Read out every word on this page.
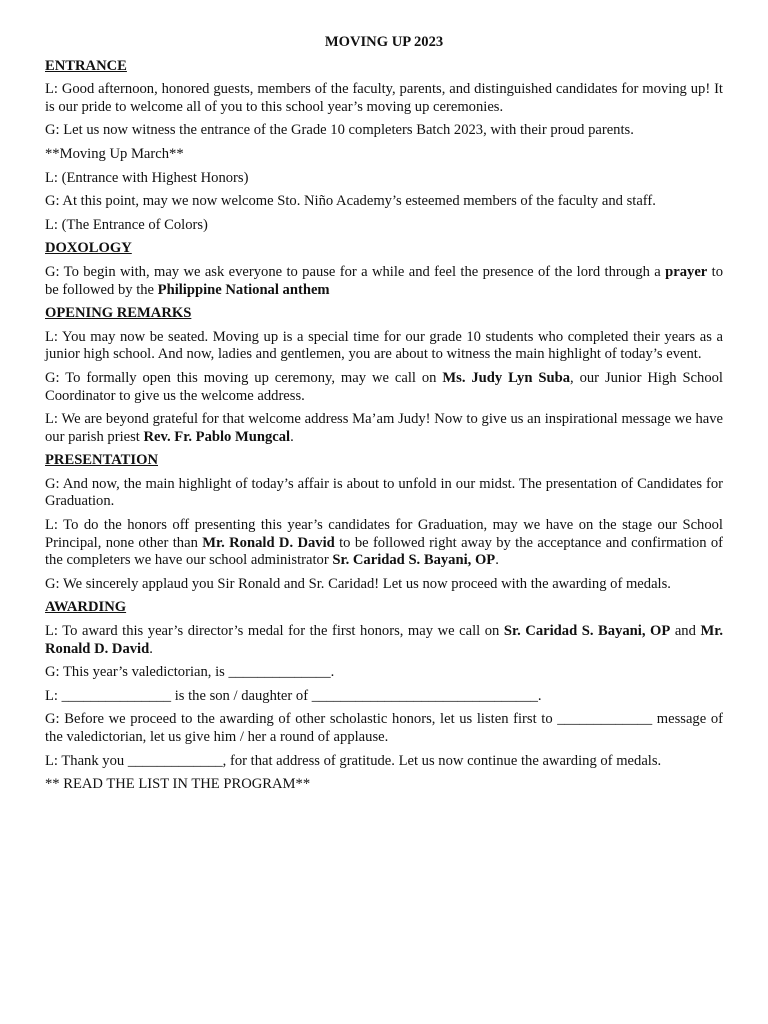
MOVING UP 2023
ENTRANCE
L: Good afternoon, honored guests, members of the faculty, parents, and distinguished candidates for moving up! It is our pride to welcome all of you to this school year’s moving up ceremonies.
G: Let us now witness the entrance of the Grade 10 completers Batch 2023, with their proud parents.
**Moving Up March**
L: (Entrance with Highest Honors)
G: At this point, may we now welcome Sto. Niño Academy’s esteemed members of the faculty and staff.
L: (The Entrance of Colors)
DOXOLOGY
G: To begin with, may we ask everyone to pause for a while and feel the presence of the lord through a prayer to be followed by the Philippine National anthem
OPENING REMARKS
L: You may now be seated. Moving up is a special time for our grade 10 students who completed their years as a junior high school. And now, ladies and gentlemen, you are about to witness the main highlight of today’s event.
G: To formally open this moving up ceremony, may we call on Ms. Judy Lyn Suba, our Junior High School Coordinator to give us the welcome address.
L: We are beyond grateful for that welcome address Ma’am Judy! Now to give us an inspirational message we have our parish priest Rev. Fr. Pablo Mungcal.
PRESENTATION
G: And now, the main highlight of today’s affair is about to unfold in our midst. The presentation of Candidates for Graduation.
L: To do the honors off presenting this year’s candidates for Graduation, may we have on the stage our School Principal, none other than Mr. Ronald D. David to be followed right away by the acceptance and confirmation of the completers we have our school administrator Sr. Caridad S. Bayani, OP.
G: We sincerely applaud you Sir Ronald and Sr. Caridad! Let us now proceed with the awarding of medals.
AWARDING
L: To award this year’s director’s medal for the first honors, may we call on Sr. Caridad S. Bayani, OP and Mr. Ronald D. David.
G: This year’s valedictorian, is ______________.
L: _______________ is the son / daughter of _______________________________.
G: Before we proceed to the awarding of other scholastic honors, let us listen first to _____________ message of the valedictorian, let us give him / her a round of applause.
L: Thank you _____________, for that address of gratitude. Let us now continue the awarding of medals.
** READ THE LIST IN THE PROGRAM**
